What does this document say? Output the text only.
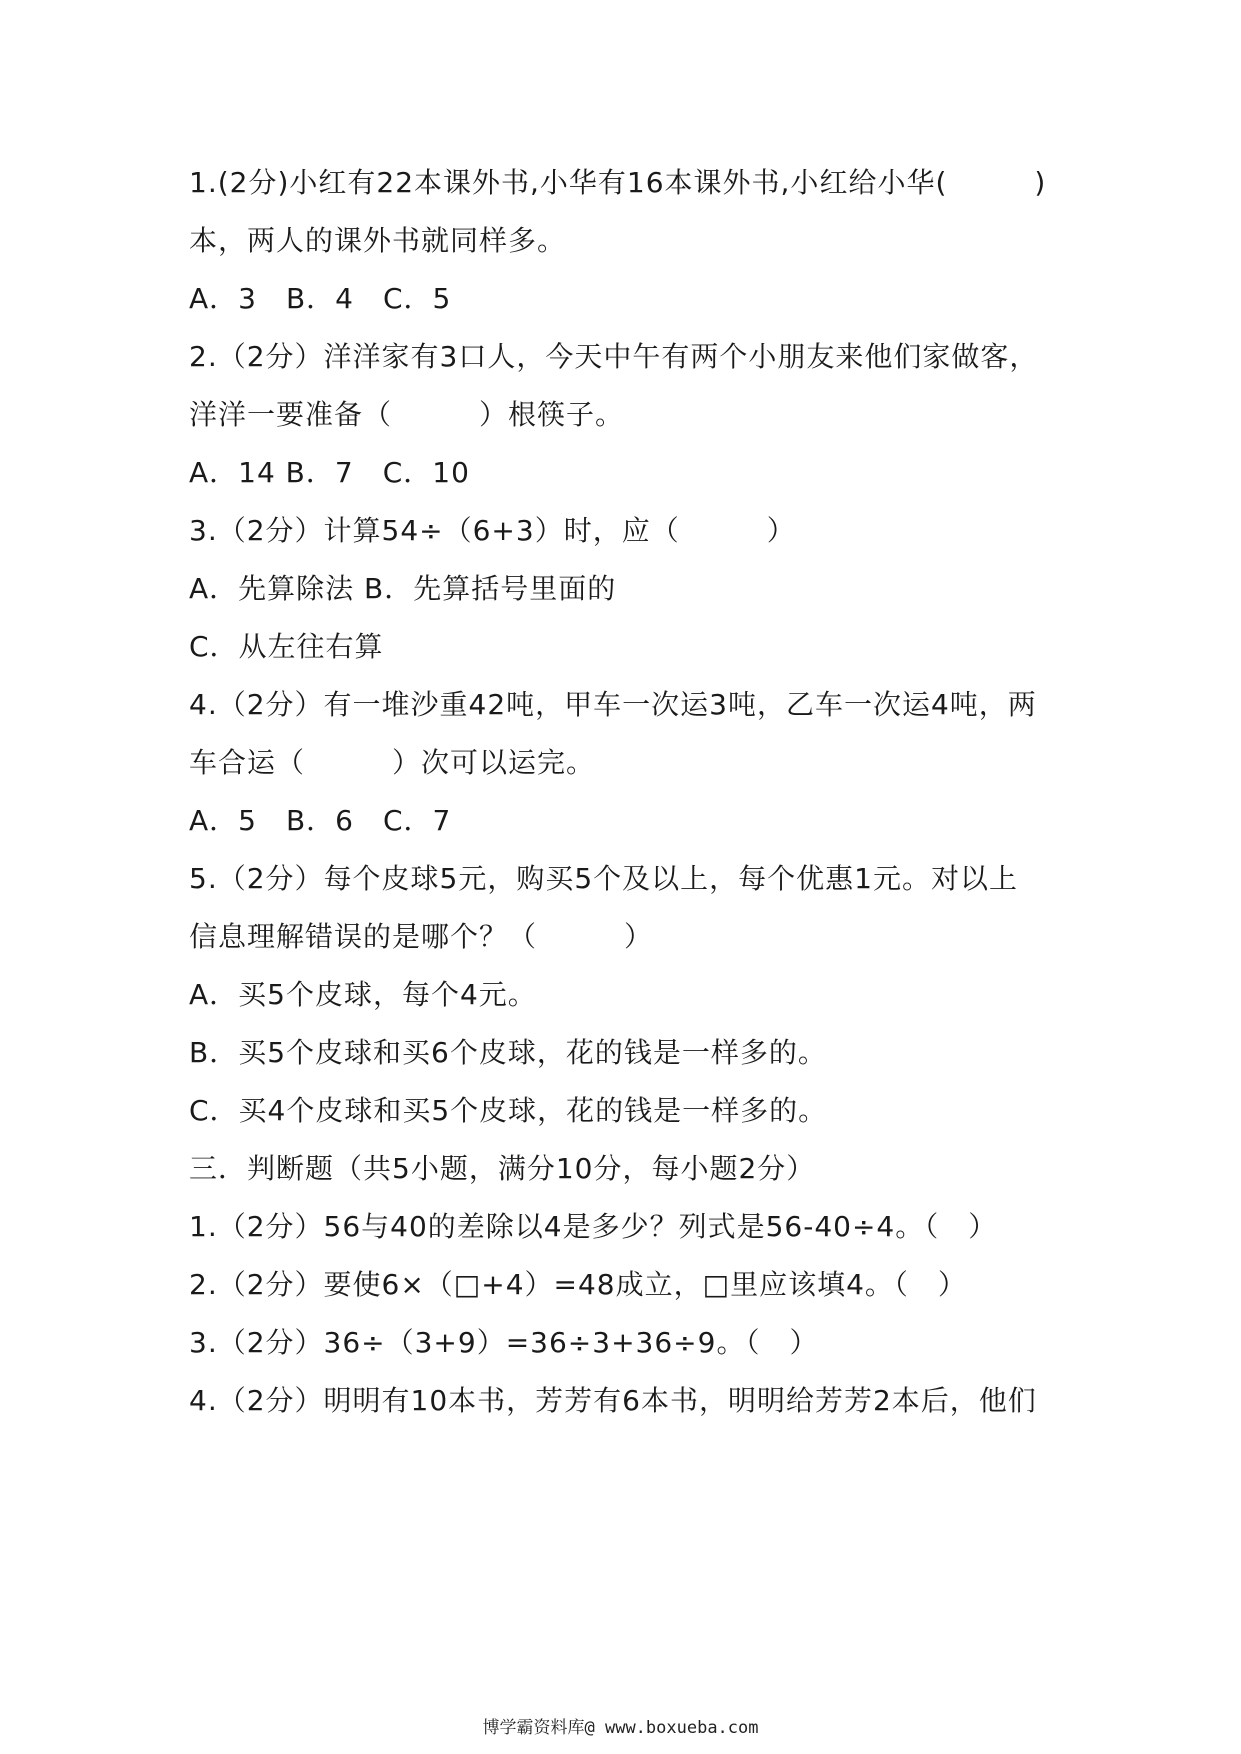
1.(2分)小红有22本课外书,小华有16本课外书,小红给小华(　　　)
本，两人的课外书就同样多。
A．3　B．4　C．5
2.（2分）洋洋家有3口人，今天中午有两个小朋友来他们家做客，
洋洋一要准备（　　　）根筷子。
A．14 B．7　C．10
3.（2分）计算54÷（6+3）时，应（　　　）
A．先算除法 B．先算括号里面的
C．从左往右算
4.（2分）有一堆沙重42吨，甲车一次运3吨，乙车一次运4吨，两
车合运（　　　）次可以运完。
A．5　B．6　C．7
5.（2分）每个皮球5元，购买5个及以上，每个优惠1元。对以上
信息理解错误的是哪个？（　　　）
A．买5个皮球，每个4元。
B．买5个皮球和买6个皮球，花的钱是一样多的。
C．买4个皮球和买5个皮球，花的钱是一样多的。
三．判断题（共5小题，满分10分，每小题2分）
1.（2分）56与40的差除以4是多少？列式是56-40÷4。（　）
2.（2分）要使6×（□+4）=48成立，□里应该填4。（　）
3.（2分）36÷（3+9）=36÷3+36÷9。（　）
4.（2分）明明有10本书，芳芳有6本书，明明给芳芳2本后，他们
博学霸资料库@ www.boxueba.com
